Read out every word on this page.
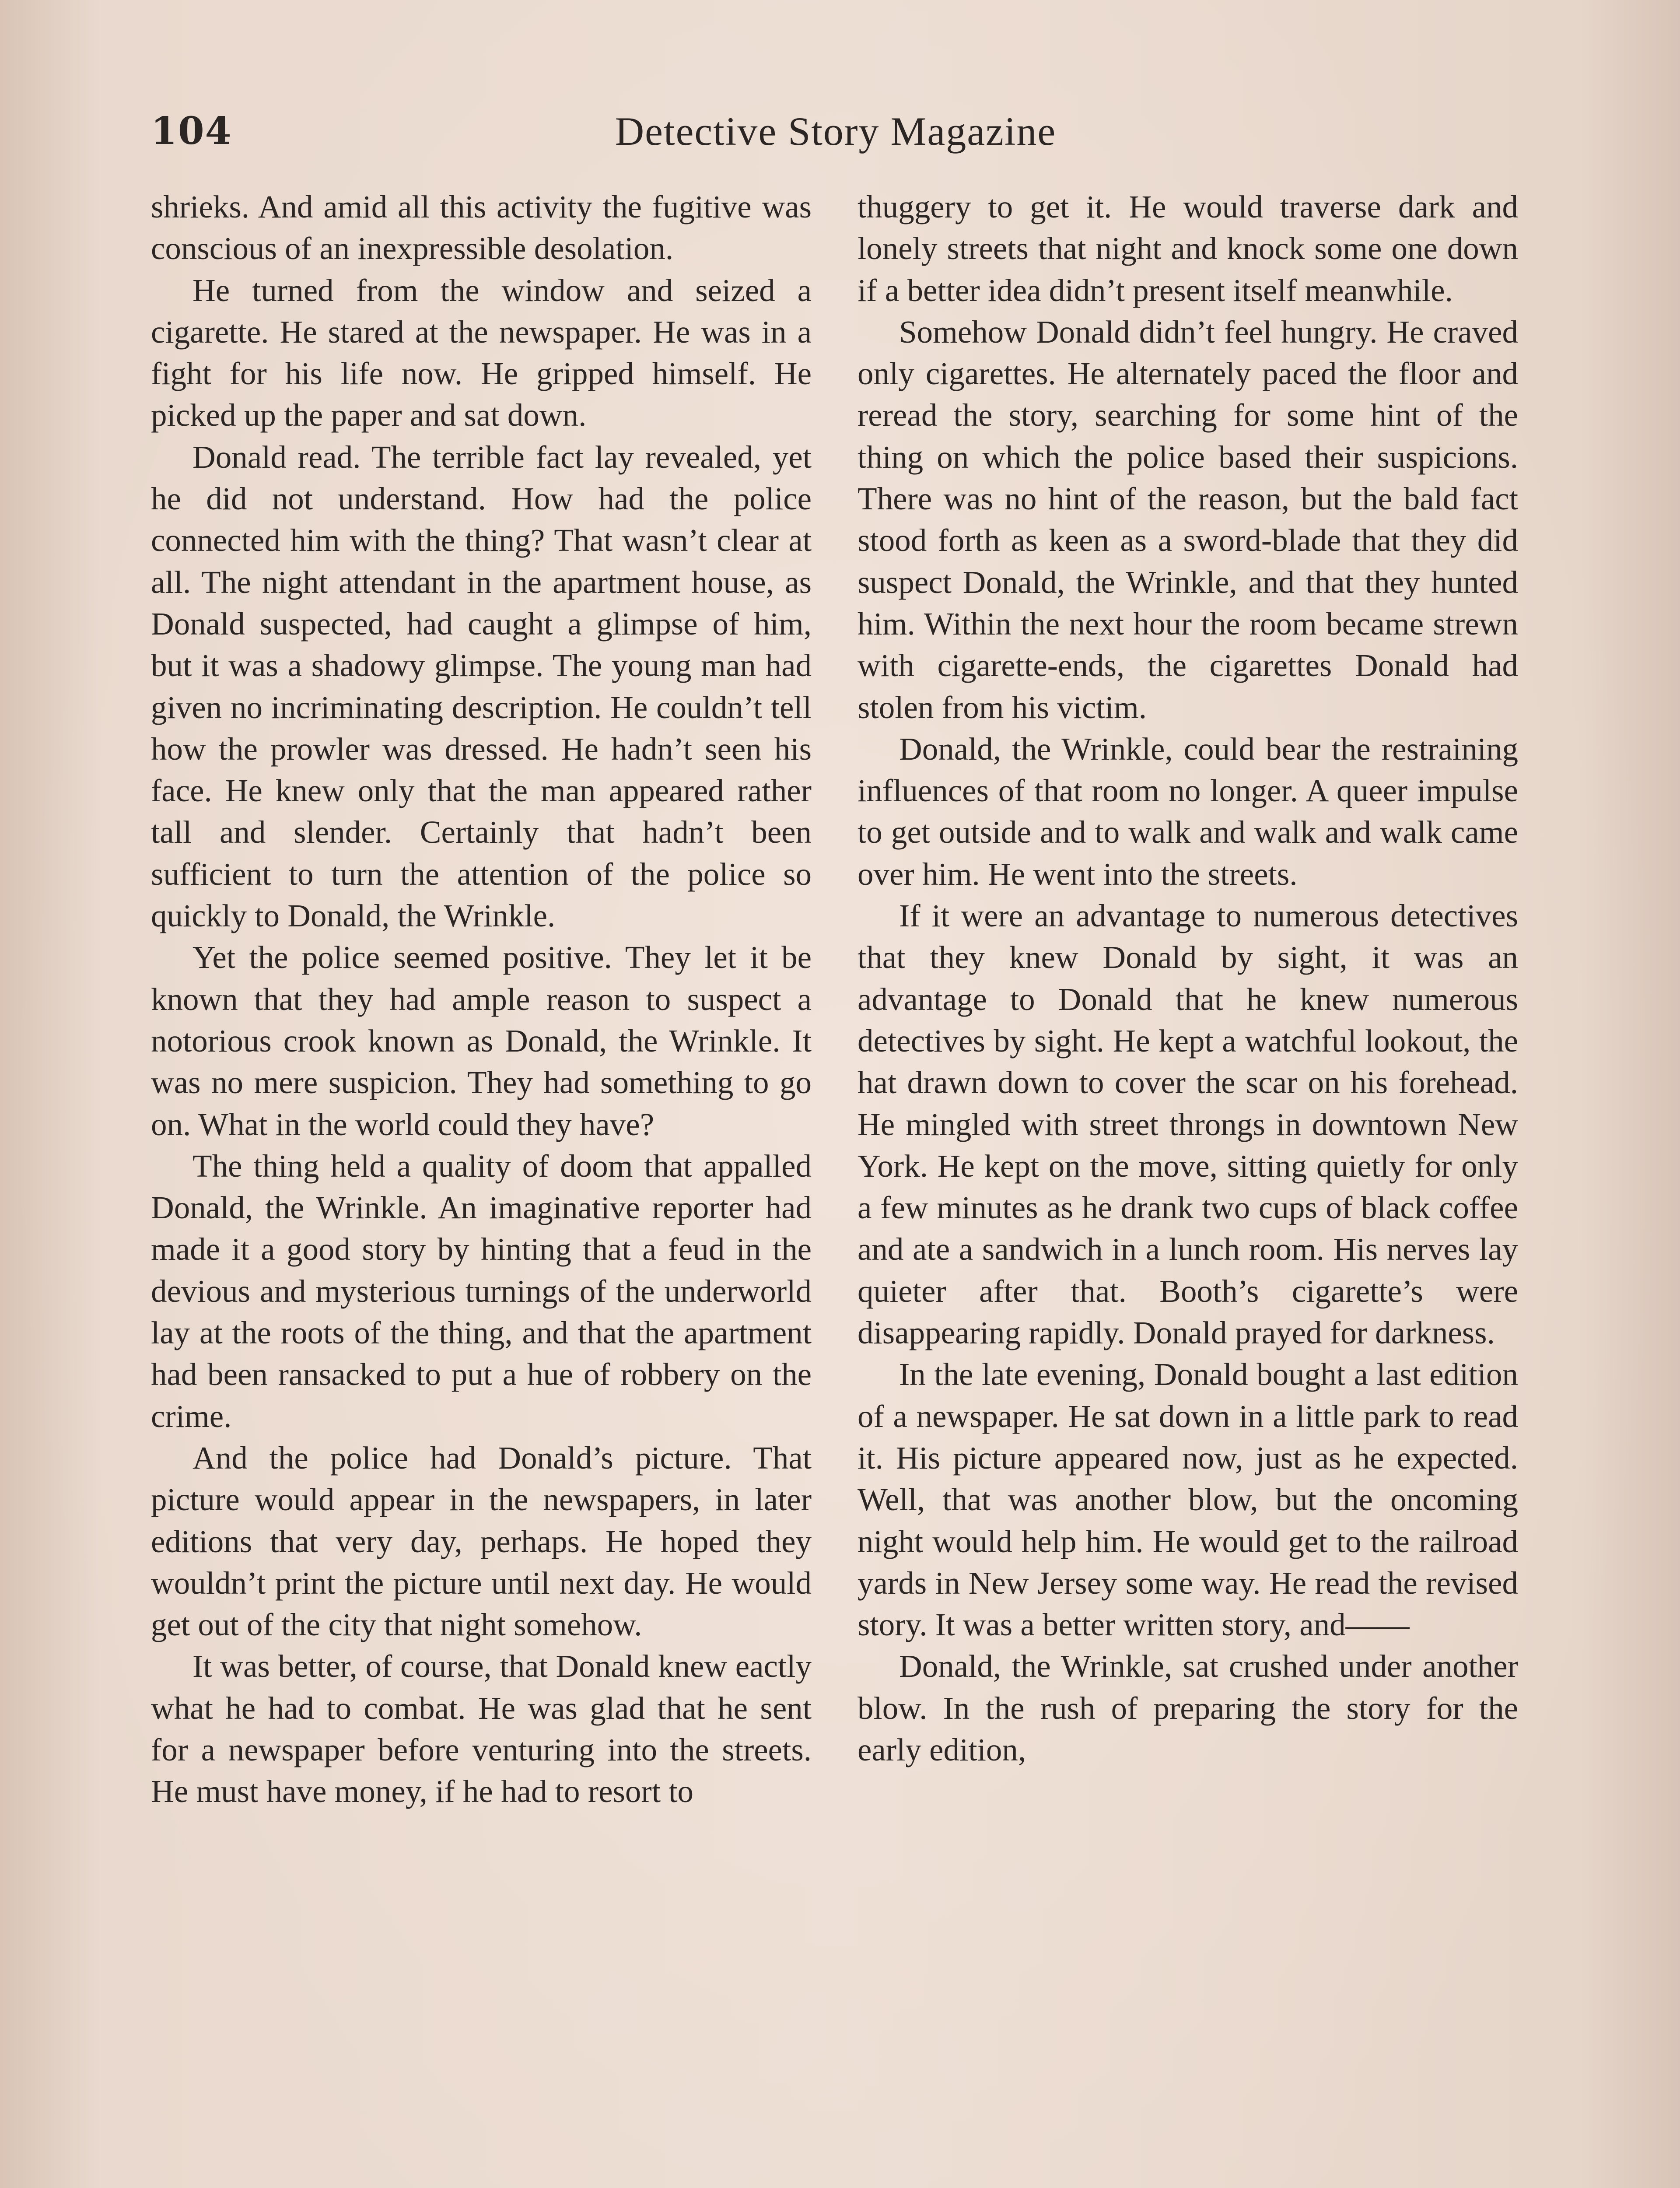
104	Detective Story Magazine

shrieks. And amid all this activity the fugitive was conscious of an inexpressible desolation.

He turned from the window and seized a cigarette. He stared at the newspaper. He was in a fight for his life now. He gripped himself. He picked up the paper and sat down.

Donald read. The terrible fact lay revealed, yet he did not understand. How had the police connected him with the thing? That wasn’t clear at all. The night attendant in the apartment house, as Donald suspected, had caught a glimpse of him, but it was a shadowy glimpse. The young man had given no incriminating description. He couldn’t tell how the prowler was dressed. He hadn’t seen his face. He knew only that the man appeared rather tall and slender. Certainly that hadn’t been sufficient to turn the attention of the police so quickly to Donald, the Wrinkle.

Yet the police seemed positive. They let it be known that they had ample reason to suspect a notorious crook known as Donald, the Wrinkle. It was no mere suspicion. They had something to go on. What in the world could they have?

The thing held a quality of doom that appalled Donald, the Wrinkle. An imaginative reporter had made it a good story by hinting that a feud in the devious and mysterious turnings of the underworld lay at the roots of the thing, and that the apartment had been ransacked to put a hue of robbery on the crime.

And the police had Donald’s picture. That picture would appear in the newspapers, in later editions that very day, perhaps. He hoped they wouldn’t print the picture until next day. He would get out of the city that night somehow.

It was better, of course, that Donald knew eactly what he had to combat. He was glad that he sent for a newspaper before venturing into the streets. He must have money, if he had to resort to

thuggery to get it. He would traverse dark and lonely streets that night and knock some one down if a better idea didn’t present itself meanwhile.

Somehow Donald didn’t feel hungry. He craved only cigarettes. He alternately paced the floor and reread the story, searching for some hint of the thing on which the police based their suspicions. There was no hint of the reason, but the bald fact stood forth as keen as a sword-blade that they did suspect Donald, the Wrinkle, and that they hunted him. Within the next hour the room became strewn with cigarette-ends, the cigarettes Donald had stolen from his victim.

Donald, the Wrinkle, could bear the restraining influences of that room no longer. A queer impulse to get outside and to walk and walk and walk came over him. He went into the streets.

If it were an advantage to numerous detectives that they knew Donald by sight, it was an advantage to Donald that he knew numerous detectives by sight. He kept a watchful lookout, the hat drawn down to cover the scar on his forehead. He mingled with street throngs in downtown New York. He kept on the move, sitting quietly for only a few minutes as he drank two cups of black coffee and ate a sandwich in a lunch room. His nerves lay quieter after that. Booth’s cigarette’s were disappearing rapidly. Donald prayed for darkness.

In the late evening, Donald bought a last edition of a newspaper. He sat down in a little park to read it. His picture appeared now, just as he expected. Well, that was another blow, but the oncoming night would help him. He would get to the railroad yards in New Jersey some way. He read the revised story. It was a better written story, and——

Donald, the Wrinkle, sat crushed under another blow. In the rush of preparing the story for the early edition,
